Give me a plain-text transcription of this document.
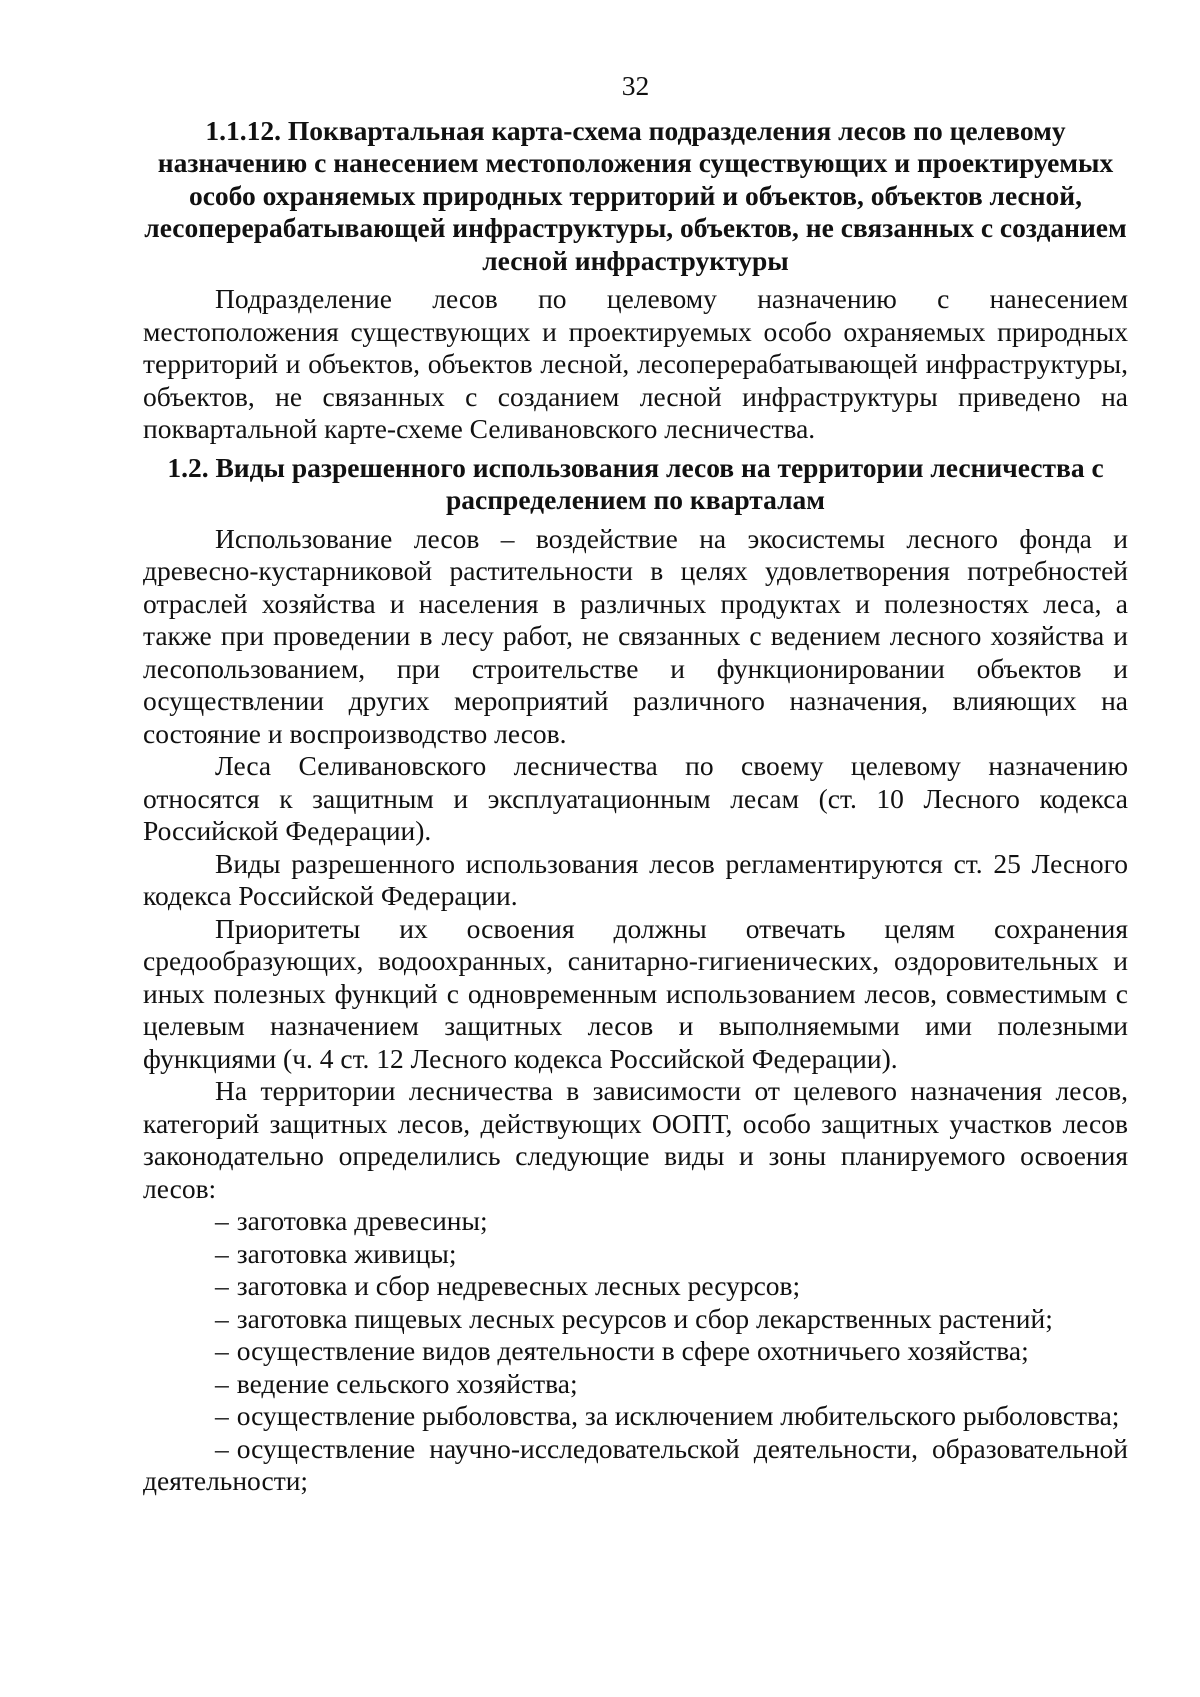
32
1.1.12. Поквартальная карта-схема подразделения лесов по целевому назначению с нанесением местоположения существующих и проектируемых особо охраняемых природных территорий и объектов, объектов лесной, лесоперерабатывающей инфраструктуры, объектов, не связанных с созданием лесной инфраструктуры

Подразделение лесов по целевому назначению с нанесением местоположения существующих и проектируемых особо охраняемых природных территорий и объектов, объектов лесной, лесоперерабатывающей инфраструктуры, объектов, не связанных с созданием лесной инфраструктуры приведено на поквартальной карте-схеме Селивановского лесничества.

1.2. Виды разрешенного использования лесов на территории лесничества с распределением по кварталам

Использование лесов – воздействие на экосистемы лесного фонда и древесно-кустарниковой растительности в целях удовлетворения потребностей отраслей хозяйства и населения в различных продуктах и полезностях леса, а также при проведении в лесу работ, не связанных с ведением лесного хозяйства и лесопользованием, при строительстве и функционировании объектов и осуществлении других мероприятий различного назначения, влияющих на состояние и воспроизводство лесов.

Леса Селивановского лесничества по своему целевому назначению относятся к защитным и эксплуатационным лесам (ст. 10 Лесного кодекса Российской Федерации).

Виды разрешенного использования лесов регламентируются ст. 25 Лесного кодекса Российской Федерации.

Приоритеты их освоения должны отвечать целям сохранения средообразующих, водоохранных, санитарно-гигиенических, оздоровительных и иных полезных функций с одновременным использованием лесов, совместимым с целевым назначением защитных лесов и выполняемыми ими полезными функциями (ч. 4 ст. 12 Лесного кодекса Российской Федерации).

На территории лесничества в зависимости от целевого назначения лесов, категорий защитных лесов, действующих ООПТ, особо защитных участков лесов законодательно определились следующие виды и зоны планируемого освоения лесов:

– заготовка древесины;
– заготовка живицы;
– заготовка и сбор недревесных лесных ресурсов;
– заготовка пищевых лесных ресурсов и сбор лекарственных растений;
– осуществление видов деятельности в сфере охотничьего хозяйства;
– ведение сельского хозяйства;
– осуществление рыболовства, за исключением любительского рыболовства;
– осуществление научно-исследовательской деятельности, образовательной деятельности;
